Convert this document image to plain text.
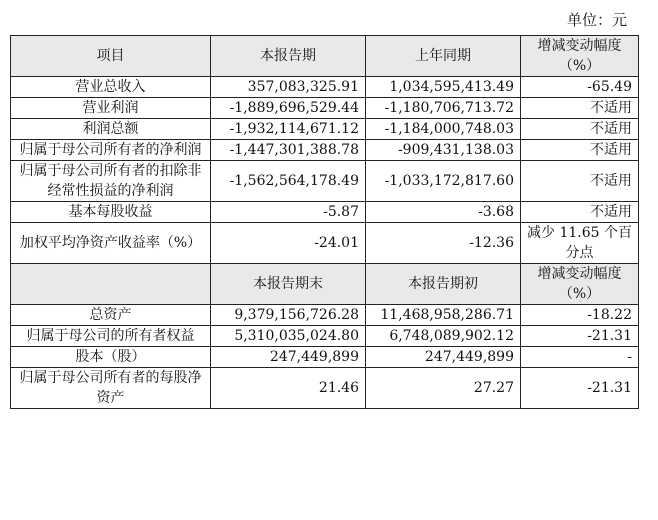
单位：元
项目	本报告期	上年同期	增减变动幅度（%）
营业总收入	357,083,325.91	1,034,595,413.49	-65.49
营业利润	-1,889,696,529.44	-1,180,706,713.72	不适用
利润总额	-1,932,114,671.12	-1,184,000,748.03	不适用
归属于母公司所有者的净利润	-1,447,301,388.78	-909,431,138.03	不适用
归属于母公司所有者的扣除非经常性损益的净利润	-1,562,564,178.49	-1,033,172,817.60	不适用
基本每股收益	-5.87	-3.68	不适用
加权平均净资产收益率（%）	-24.01	-12.36	减少 11.65 个百分点
	本报告期末	本报告期初	增减变动幅度（%）
总资产	9,379,156,726.28	11,468,958,286.71	-18.22
归属于母公司的所有者权益	5,310,035,024.80	6,748,089,902.12	-21.31
股本（股）	247,449,899	247,449,899	-
归属于母公司所有者的每股净资产	21.46	27.27	-21.31
